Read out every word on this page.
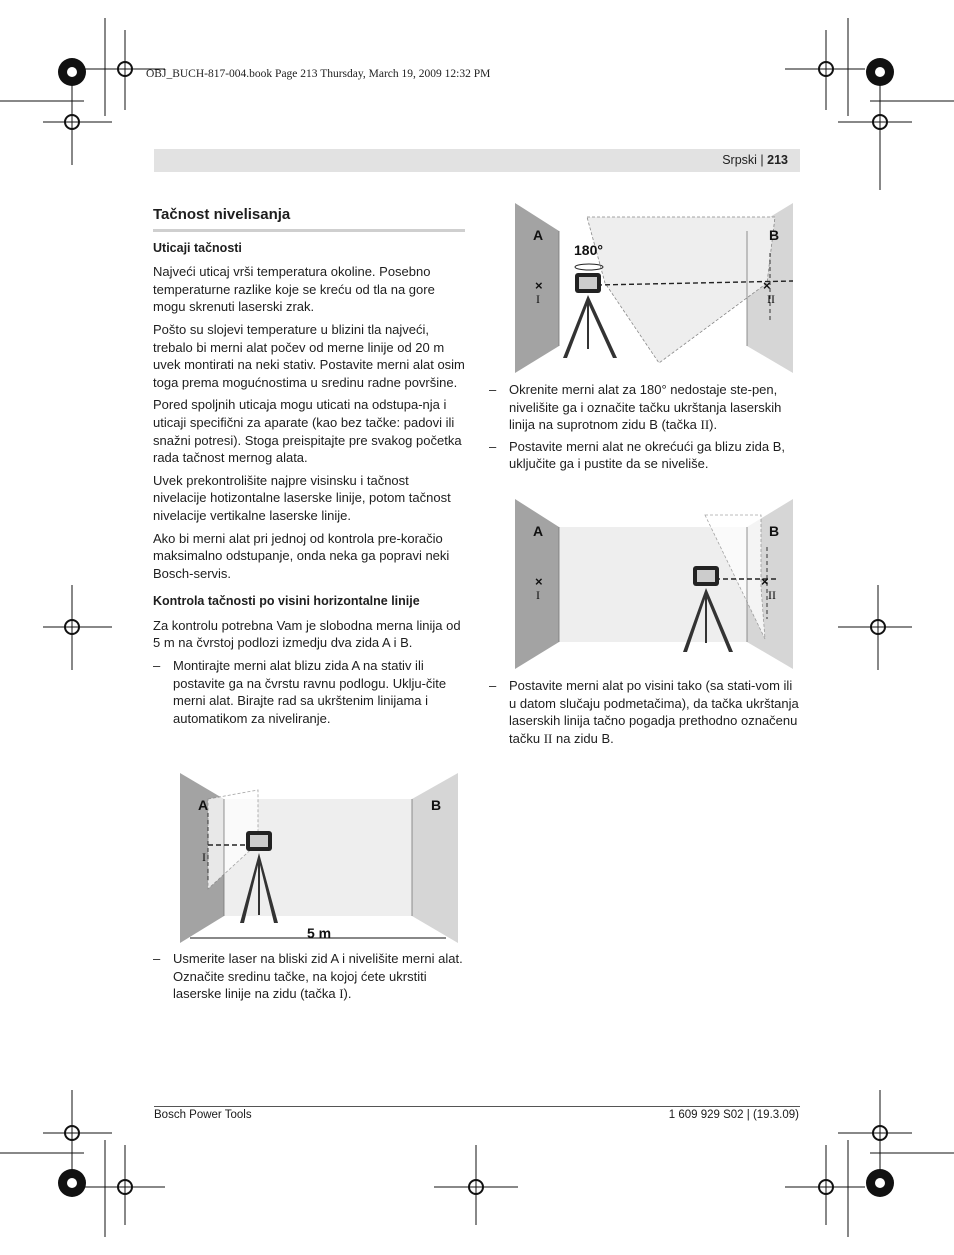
OBJ_BUCH-817-004.book Page 213 Thursday, March 19, 2009 12:32 PM
Srpski | 213
Tačnost nivelisanja
Uticaji tačnosti

Najveći uticaj vrši temperatura okoline. Posebno temperaturne razlike koje se kreću od tla na gore mogu skrenuti laserski zrak.

Pošto su slojevi temperature u blizini tla najveći, trebalo bi merni alat počev od merne linije od 20 m uvek montirati na neki stativ. Postavite merni alat osim toga prema mogućnostima u sredinu radne površine.

Pored spoljnih uticaja mogu uticati na odstupa-nja i uticaji specifični za aparate (kao bez tačke: padovi ili snažni potresi). Stoga preispitajte pre svakog početka rada tačnost mernog alata.

Uvek prekontrolišite najpre visinsku i tačnost nivelacije hotizontalne laserske linije, potom tačnost nivelacije vertikalne laserske linije.

Ako bi merni alat pri jednoj od kontrola pre-koračio maksimalno odstupanje, onda neka ga popravi neki Bosch-servis.

Kontrola tačnosti po visini horizontalne linije

Za kontrolu potrebna Vam je slobodna merna linija od 5 m na čvrstoj podlozi izmedju dva zida A i B.

– Montirajte merni alat blizu zida A na stativ ili postavite ga na čvrstu ravnu podlogu. Uklju-čite merni alat. Birajte rad sa ukrštenim linijama i automatikom za niveliranje.
A	B
I
5 m
– Usmerite laser na bliski zid A i nivelišite merni alat. Označite sredinu tačke, na kojoj ćete ukrstiti laserske linije na zidu (tačka I).
A	B
180°
I	II
×	×
– Okrenite merni alat za 180° nedostaje ste-pen, nivelišite ga i označite tačku ukrštanja laserskih linija na suprotnom zidu B (tačka II).
– Postavite merni alat ne okrećući ga blizu zida B, uključite ga i pustite da se niveliše.
A	B
I	II
×	×
– Postavite merni alat po visini tako (sa stati-vom ili u datom slučaju podmetačima), da tačka ukrštanja laserskih linija tačno pogadja prethodno označenu tačku II na zidu B.
Bosch Power Tools	1 609 929 S02 | (19.3.09)
